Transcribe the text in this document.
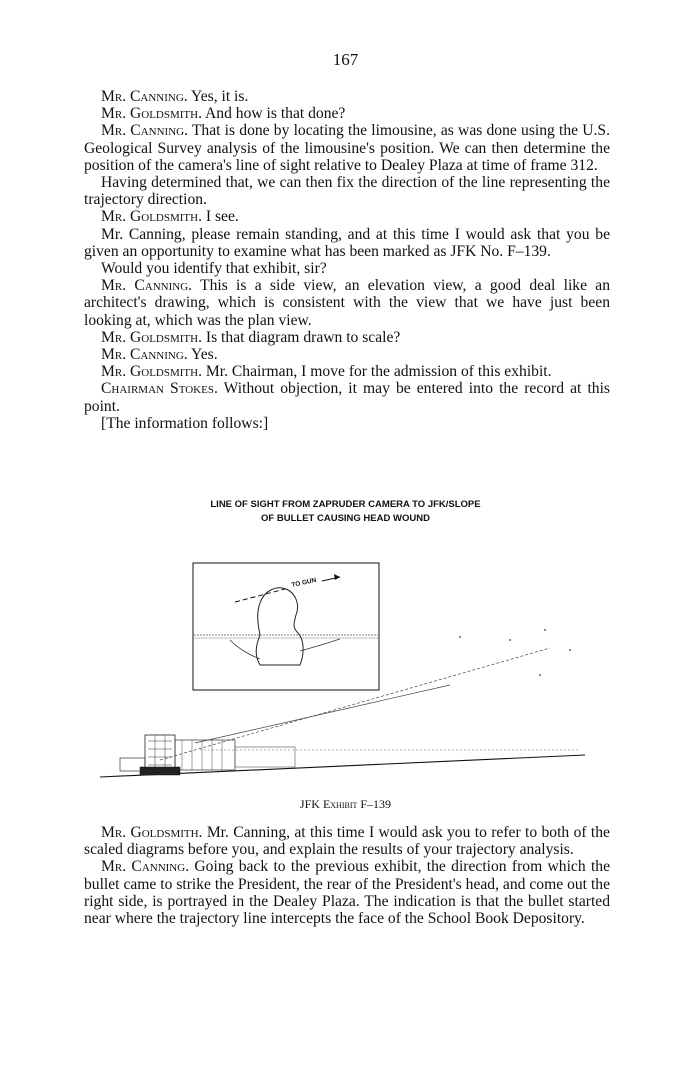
167

Mr. Canning. Yes, it is.

Mr. Goldsmith. And how is that done?

Mr. Canning. That is done by locating the limousine, as was done using the U.S. Geological Survey analysis of the limousine's position. We can then determine the position of the camera's line of sight relative to Dealey Plaza at time of frame 312.

Having determined that, we can then fix the direction of the line representing the trajectory direction.

Mr. Goldsmith. I see.

Mr. Canning, please remain standing, and at this time I would ask that you be given an opportunity to examine what has been marked as JFK No. F–139.

Would you identify that exhibit, sir?

Mr. Canning. This is a side view, an elevation view, a good deal like an architect's drawing, which is consistent with the view that we have just been looking at, which was the plan view.

Mr. Goldsmith. Is that diagram drawn to scale?

Mr. Canning. Yes.

Mr. Goldsmith. Mr. Chairman, I move for the admission of this exhibit.

Chairman Stokes. Without objection, it may be entered into the record at this point.

[The information follows:]

LINE OF SIGHT FROM ZAPRUDER CAMERA TO JFK/SLOPE
OF BULLET CAUSING HEAD WOUND
TO GUN
JFK Exhibit F–139

Mr. Goldsmith. Mr. Canning, at this time I would ask you to refer to both of the scaled diagrams before you, and explain the results of your trajectory analysis.

Mr. Canning. Going back to the previous exhibit, the direction from which the bullet came to strike the President, the rear of the President's head, and come out the right side, is portrayed in the Dealey Plaza. The indication is that the bullet started near where the trajectory line intercepts the face of the School Book Depository.
